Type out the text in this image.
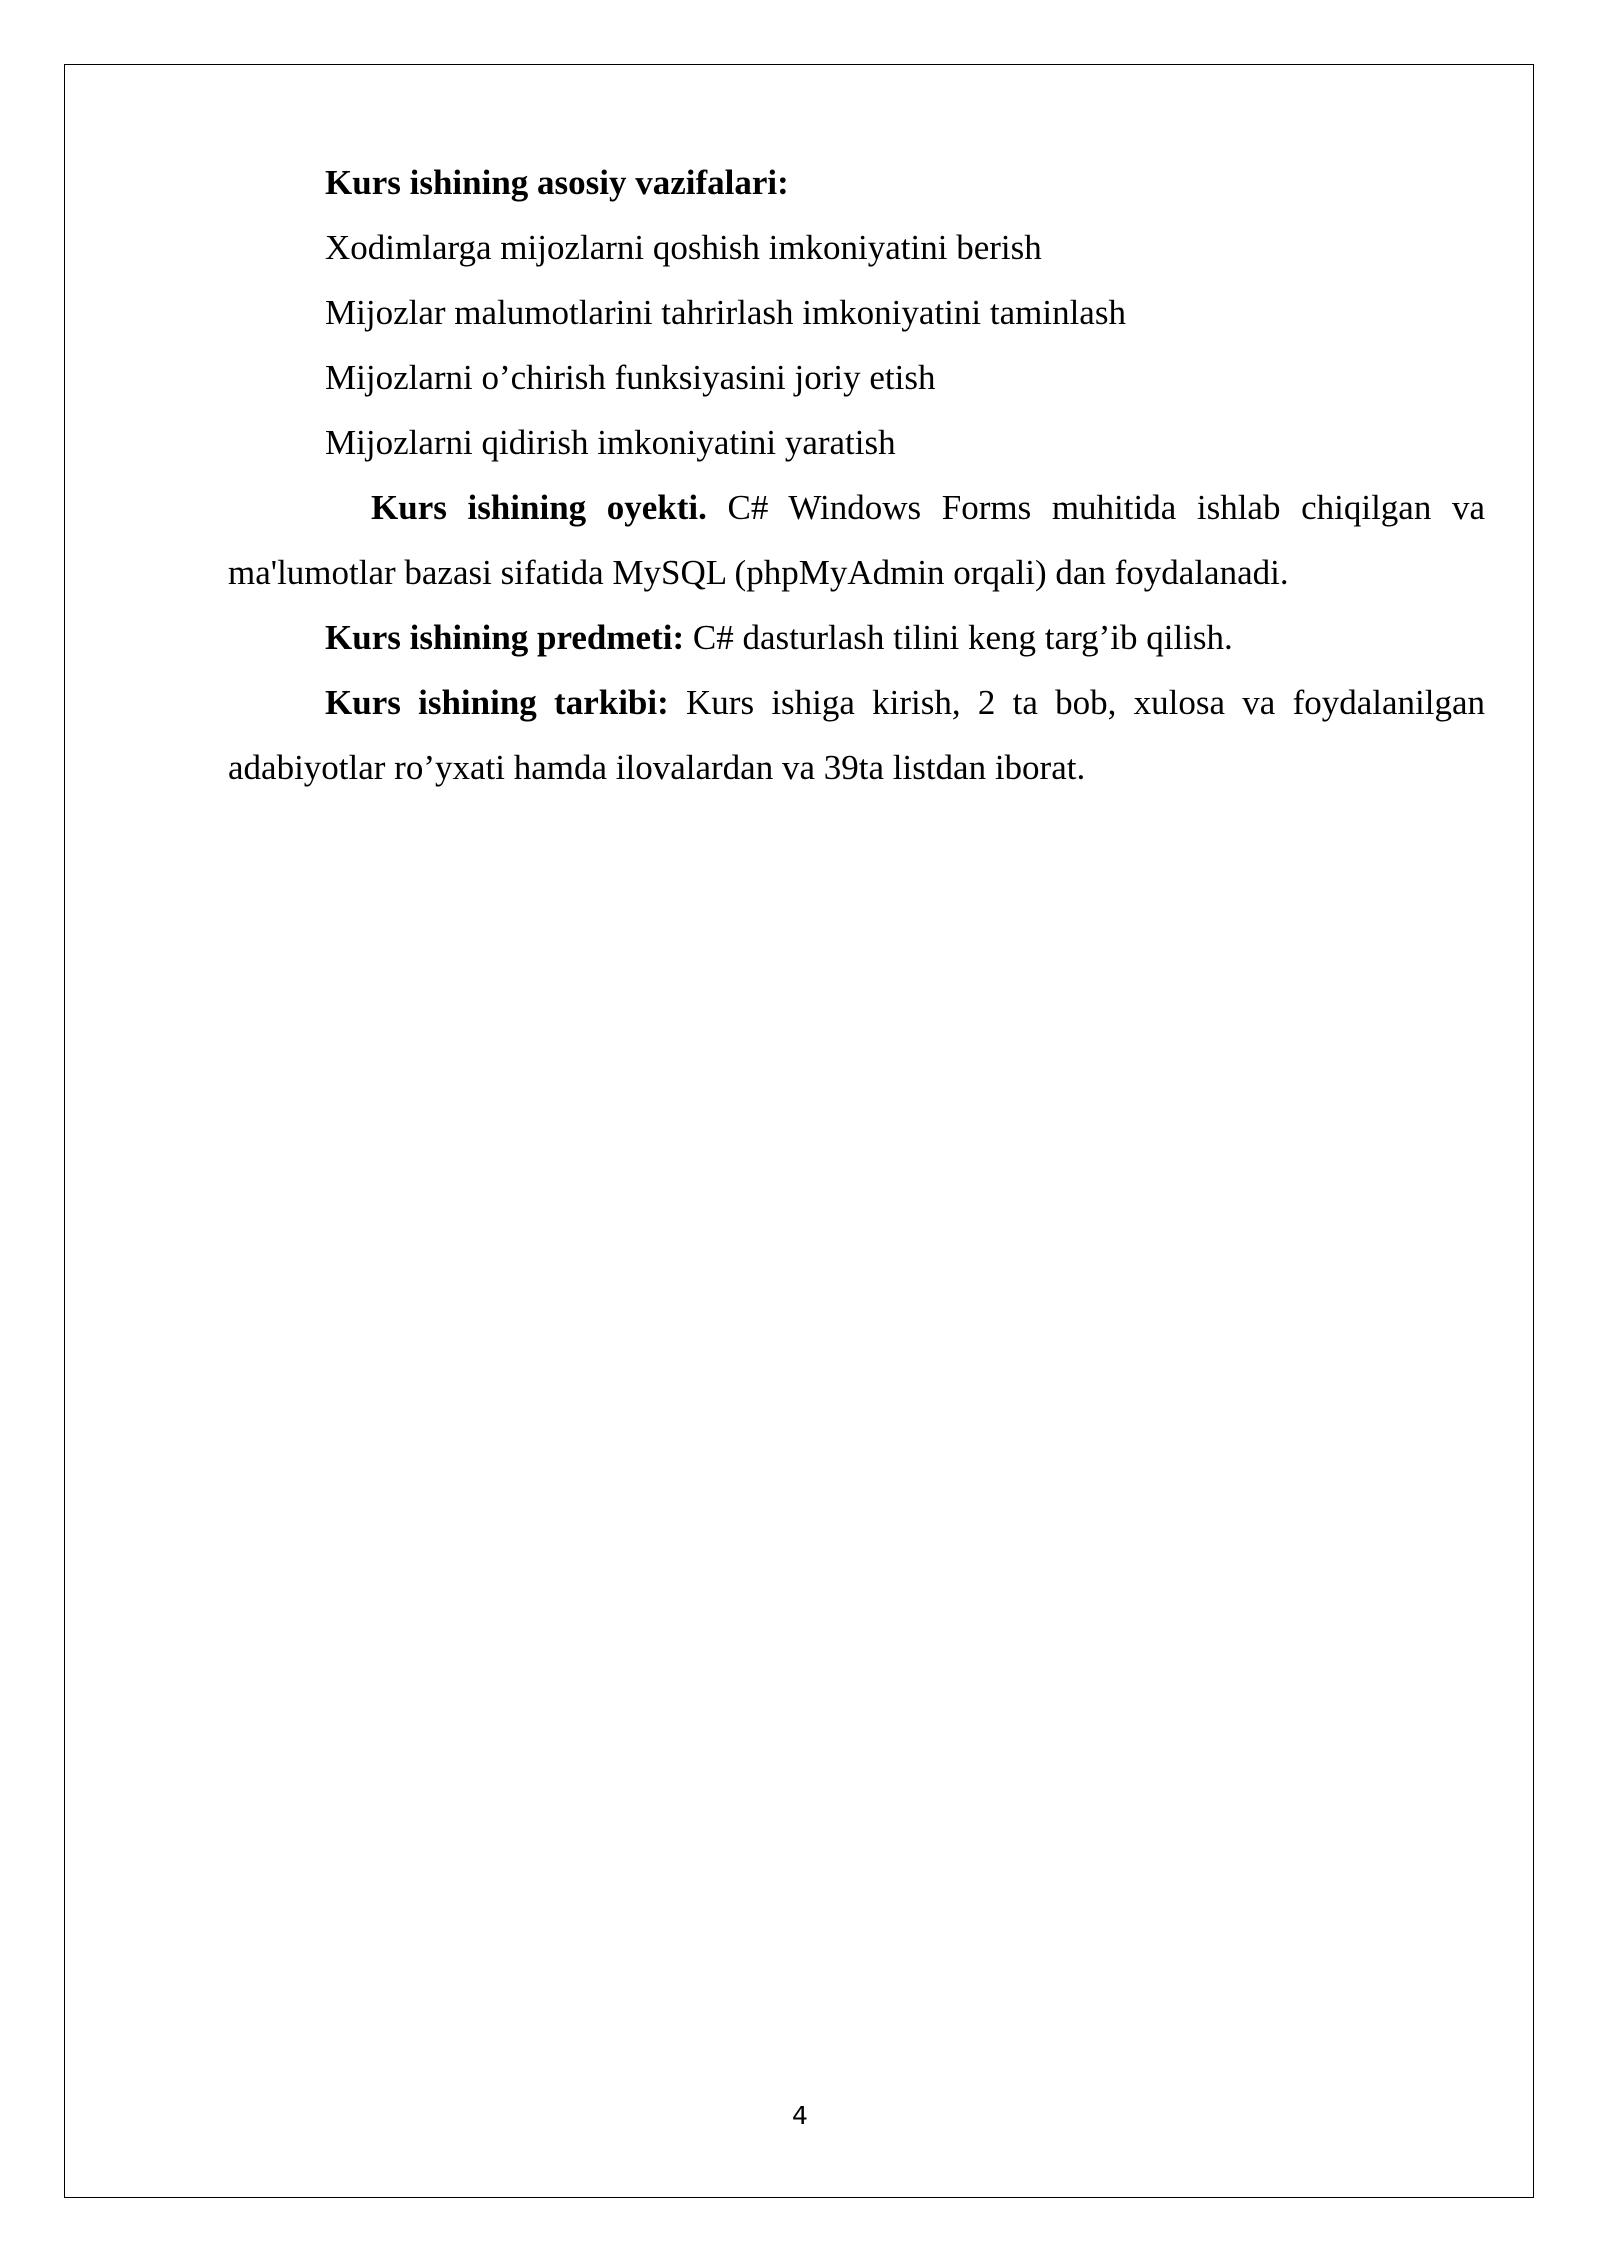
Kurs ishining asosiy vazifalari:

Xodimlarga mijozlarni qoshish imkoniyatini berish

Mijozlar malumotlarini tahrirlash imkoniyatini taminlash

Mijozlarni o’chirish funksiyasini joriy etish

Mijozlarni qidirish imkoniyatini yaratish

Kurs ishining oyekti. C# Windows Forms muhitida ishlab chiqilgan va ma'lumotlar bazasi sifatida MySQL (phpMyAdmin orqali) dan foydalanadi.

Kurs ishining predmeti: C# dasturlash tilini keng targ’ib qilish.

Kurs ishining tarkibi: Kurs ishiga kirish, 2 ta bob, xulosa va foydalanilgan adabiyotlar ro’yxati hamda ilovalardan va 39ta listdan iborat.

4
